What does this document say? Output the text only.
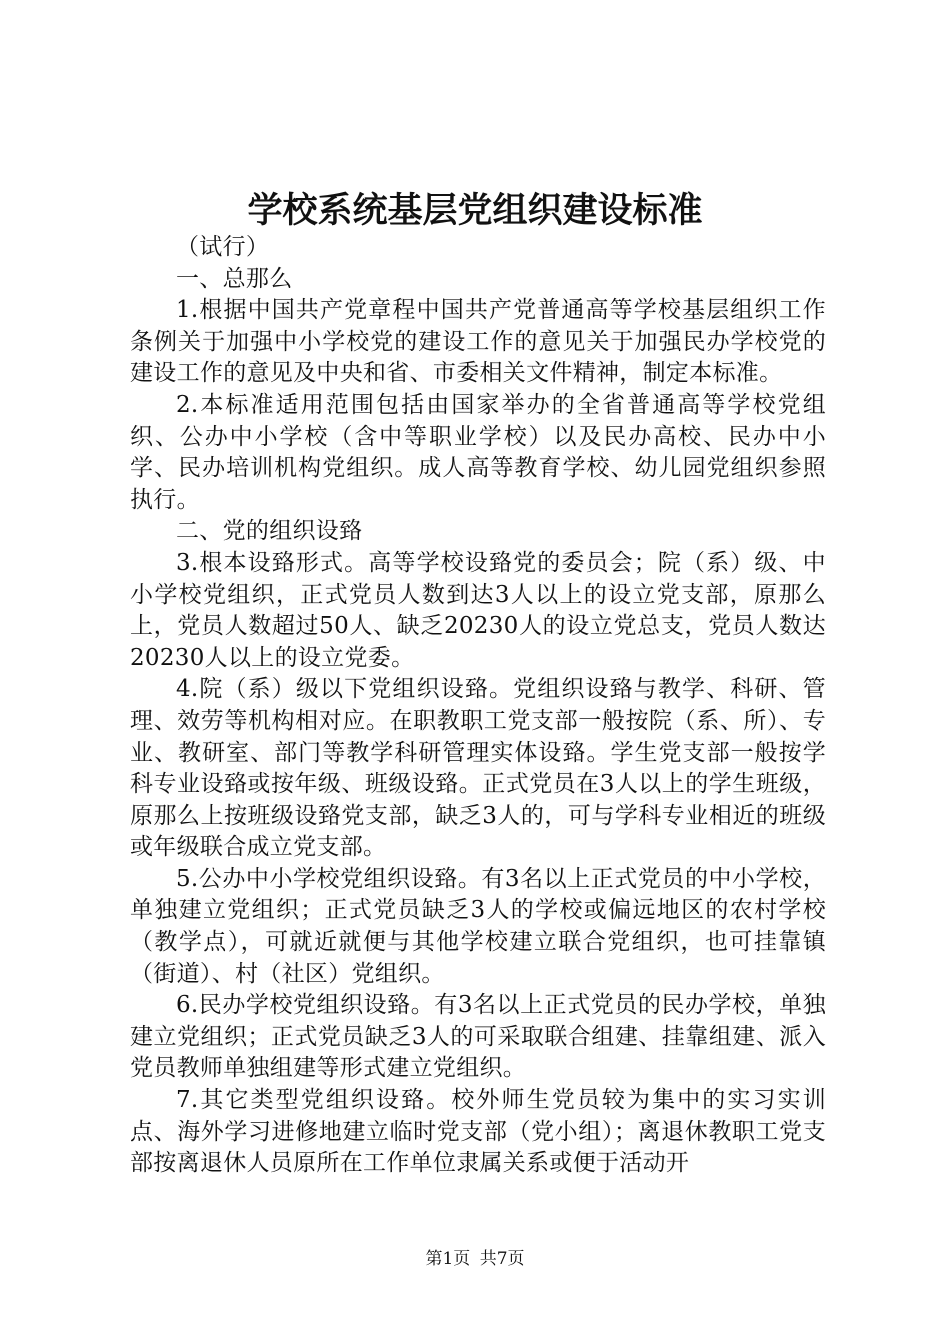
学校系统基层党组织建设标准

（试行）

一、总那么

1.根据中国共产党章程中国共产党普通高等学校基层组织工作条例关于加强中小学校党的建设工作的意见关于加强民办学校党的建设工作的意见及中央和省、市委相关文件精神，制定本标准。

2.本标准适用范围包括由国家举办的全省普通高等学校党组织、公办中小学校（含中等职业学校）以及民办高校、民办中小学、民办培训机构党组织。成人高等教育学校、幼儿园党组织参照执行。

二、党的组织设臵

3.根本设臵形式。高等学校设臵党的委员会；院（系）级、中小学校党组织，正式党员人数到达3人以上的设立党支部，原那么上，党员人数超过50人、缺乏20230人的设立党总支，党员人数达20230人以上的设立党委。

4.院（系）级以下党组织设臵。党组织设臵与教学、科研、管理、效劳等机构相对应。在职教职工党支部一般按院（系、所）、专业、教研室、部门等教学科研管理实体设臵。学生党支部一般按学科专业设臵或按年级、班级设臵。正式党员在3人以上的学生班级，原那么上按班级设臵党支部，缺乏3人的，可与学科专业相近的班级或年级联合成立党支部。

5.公办中小学校党组织设臵。有3名以上正式党员的中小学校，单独建立党组织；正式党员缺乏3人的学校或偏远地区的农村学校（教学点），可就近就便与其他学校建立联合党组织，也可挂靠镇（街道）、村（社区）党组织。

6.民办学校党组织设臵。有3名以上正式党员的民办学校，单独建立党组织；正式党员缺乏3人的可采取联合组建、挂靠组建、派入党员教师单独组建等形式建立党组织。

7.其它类型党组织设臵。校外师生党员较为集中的实习实训点、海外学习进修地建立临时党支部（党小组）；离退休教职工党支部按离退休人员原所在工作单位隶属关系或便于活动开

第1页 共7页
